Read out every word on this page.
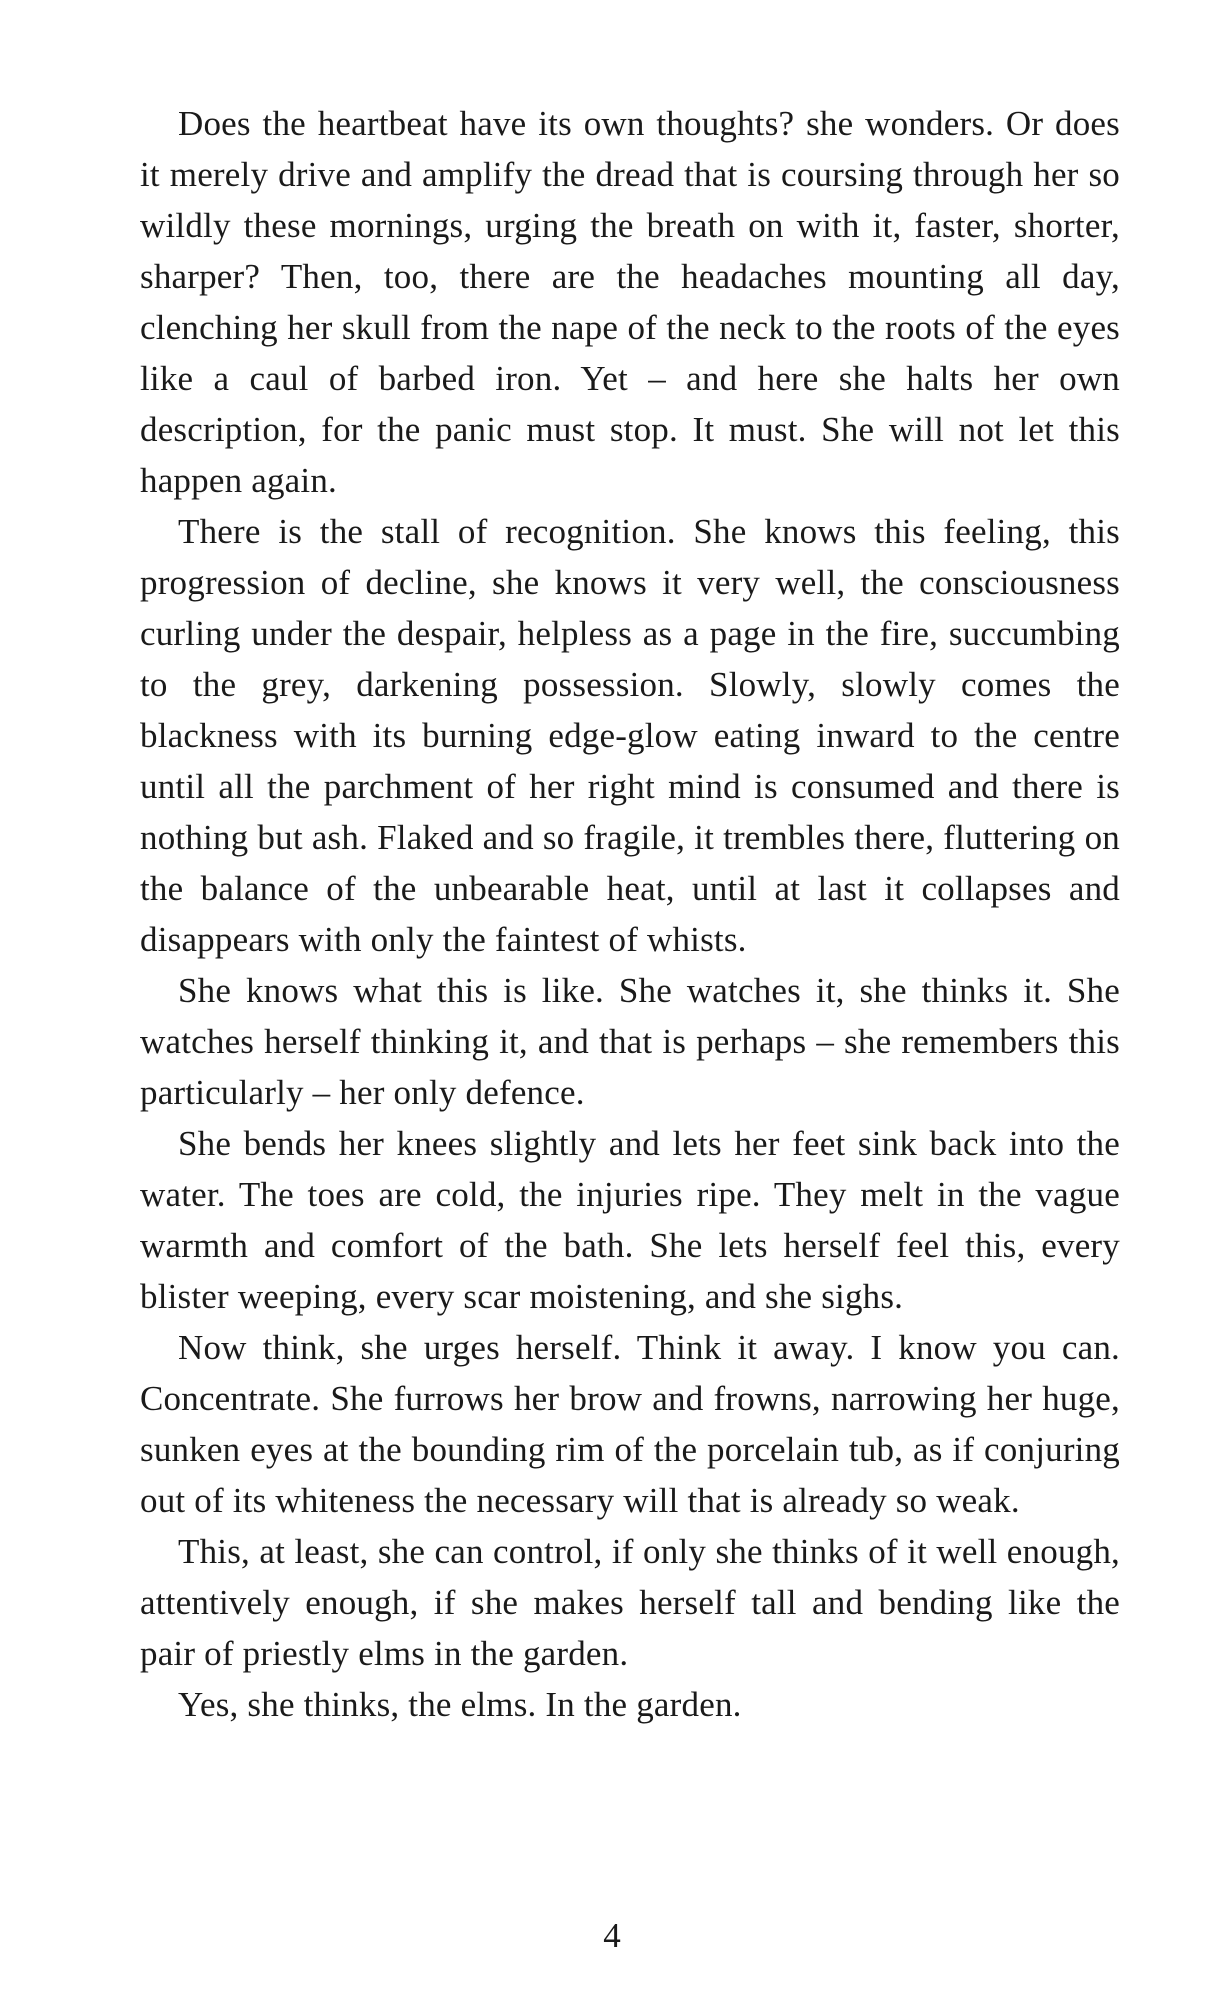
Does the heartbeat have its own thoughts? she wonders. Or does it merely drive and amplify the dread that is coursing through her so wildly these mornings, urging the breath on with it, faster, shorter, sharper? Then, too, there are the headaches mounting all day, clenching her skull from the nape of the neck to the roots of the eyes like a caul of barbed iron. Yet – and here she halts her own description, for the panic must stop. It must. She will not let this happen again.

There is the stall of recognition. She knows this feeling, this progression of decline, she knows it very well, the consciousness curling under the despair, helpless as a page in the fire, succumbing to the grey, darkening possession. Slowly, slowly comes the blackness with its burning edge-glow eating inward to the centre until all the parchment of her right mind is consumed and there is nothing but ash. Flaked and so fragile, it trembles there, fluttering on the balance of the unbearable heat, until at last it collapses and disappears with only the faintest of whists.

She knows what this is like. She watches it, she thinks it. She watches herself thinking it, and that is perhaps – she remembers this particularly – her only defence.

She bends her knees slightly and lets her feet sink back into the water. The toes are cold, the injuries ripe. They melt in the vague warmth and comfort of the bath. She lets herself feel this, every blister weeping, every scar moistening, and she sighs.

Now think, she urges herself. Think it away. I know you can. Concentrate. She furrows her brow and frowns, narrowing her huge, sunken eyes at the bounding rim of the porcelain tub, as if conjuring out of its whiteness the necessary will that is already so weak.

This, at least, she can control, if only she thinks of it well enough, attentively enough, if she makes herself tall and bending like the pair of priestly elms in the garden.

Yes, she thinks, the elms. In the garden.

4
